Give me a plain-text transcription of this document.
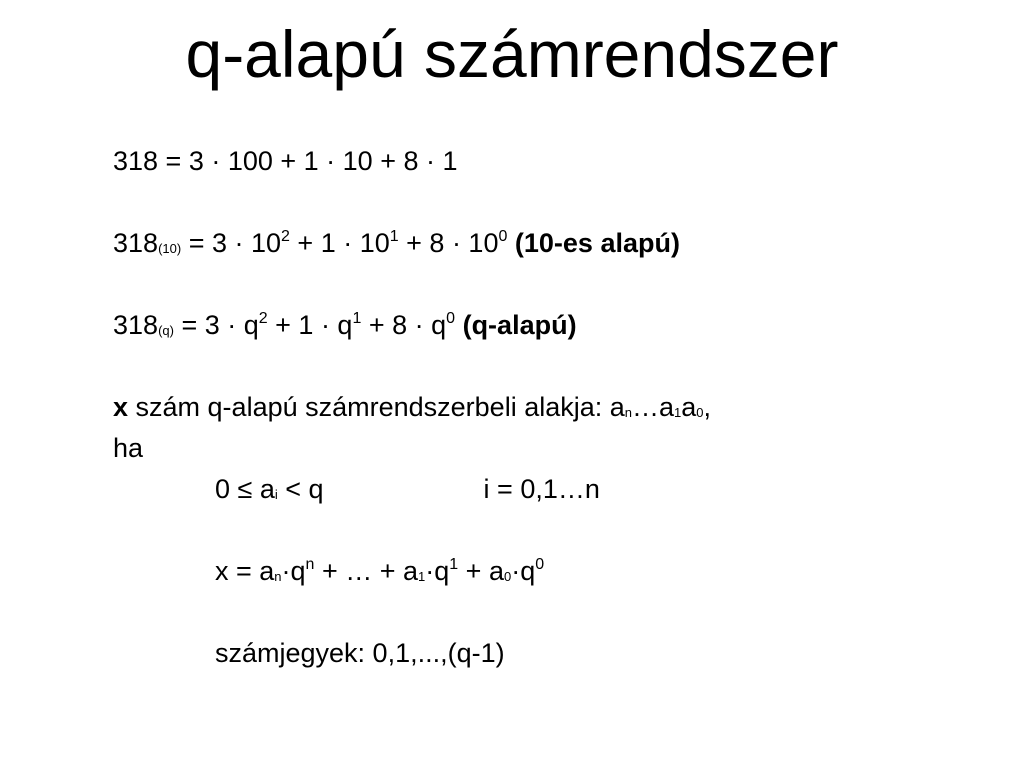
q-alapú számrendszer
318 = 3 · 100 + 1 · 10 + 8 · 1
$318_{(10)} = 3 \cdot 10^2 + 1 \cdot 10^1 + 8 \cdot 10^0$ (10-es alapú)
$318_{(q)} = 3 \cdot q^2 + 1 \cdot q^1 + 8 \cdot q^0$ (q-alapú)
x szám q-alapú számrendszerbeli alakja: $a_n\dots a_1a_0$,
ha
$0 \le a_i < q$	i = 0,1…n
$x = a_n\cdot q^n$ + … + $a_1\cdot q^1 + a_0\cdot q^0$
számjegyek: 0,1,...,(q-1)
